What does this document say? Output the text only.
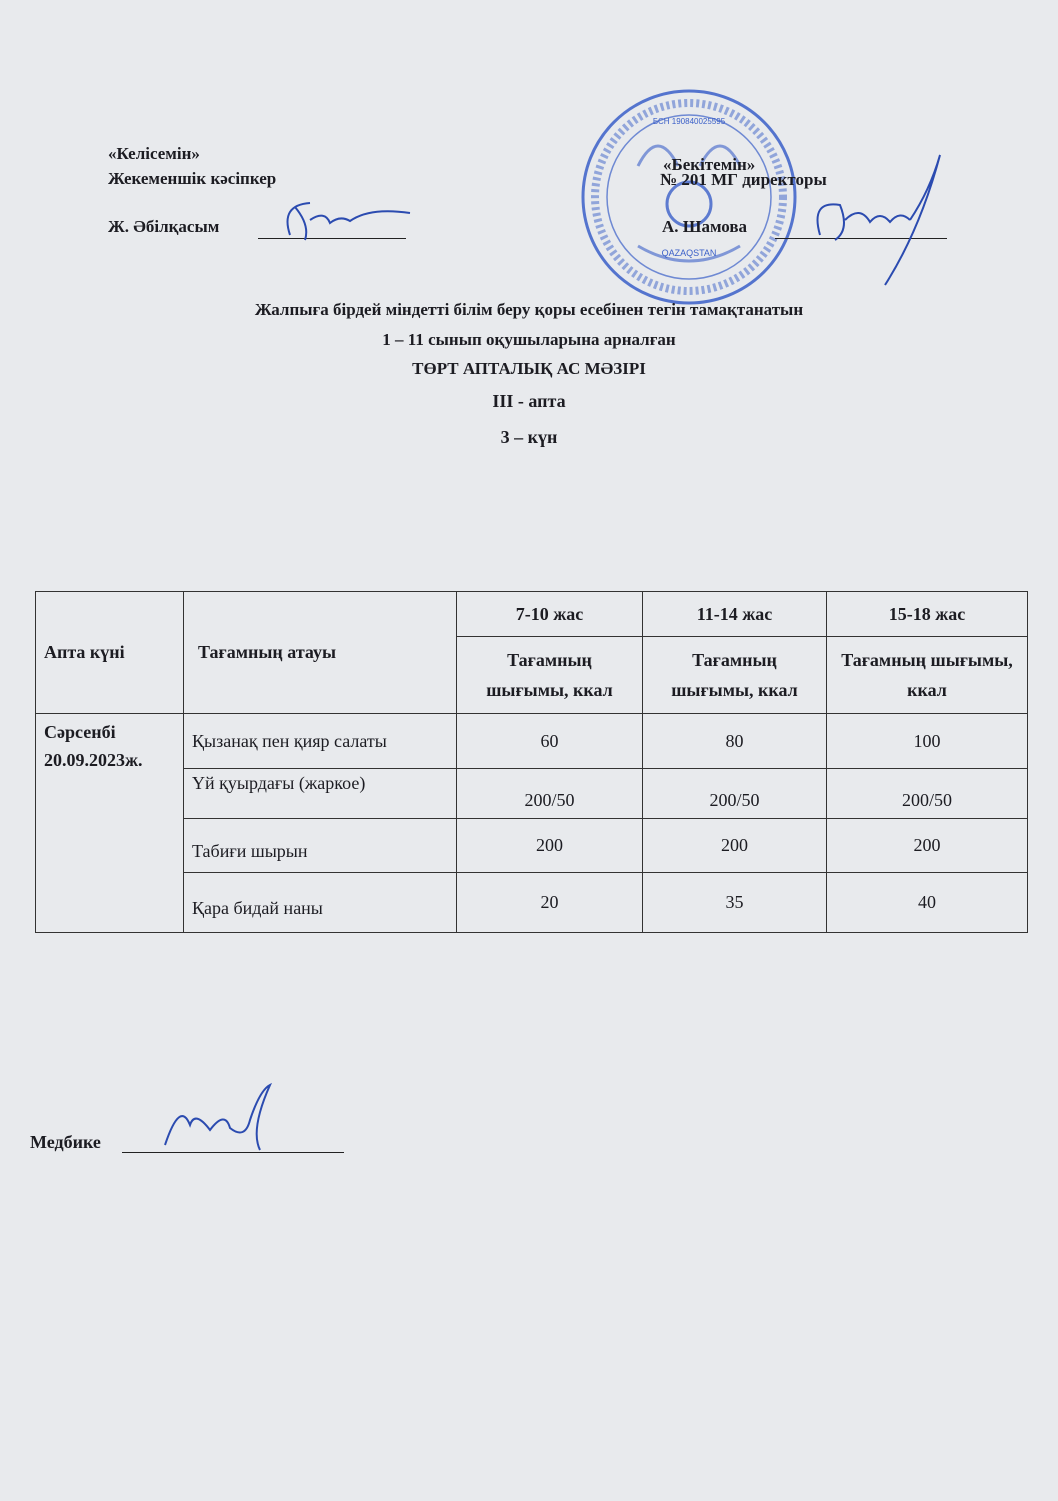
QAZAQSTAN
БСН 190840025595
«Келісемін»
Жекеменшік кәсіпкер
Ж. Әбілқасым
«Бекітемін»
№ 201 МГ директоры
А. Шамова
Жалпыға бірдей міндетті білім беру қоры есебінен тегін тамақтанатын
1 – 11 сынып оқушыларына арналған
ТӨРТ АПТАЛЫҚ АС МӘЗІРІ
ІІІ - апта
3 – күн
Апта күні	Тағамның атауы	7-10 жас	11-14 жас	15-18 жас
		Тағамның шығымы, ккал	Тағамның шығымы, ккал	Тағамның шығымы, ккал

Сәрсенбі
20.09.2023ж.	Қызанақ пен қияр салаты	60	80	100
	Үй қуырдағы (жаркое)	200/50	200/50	200/50
	Табиғи шырын	200	200	200
	Қара бидай наны	20	35	40
Медбике
